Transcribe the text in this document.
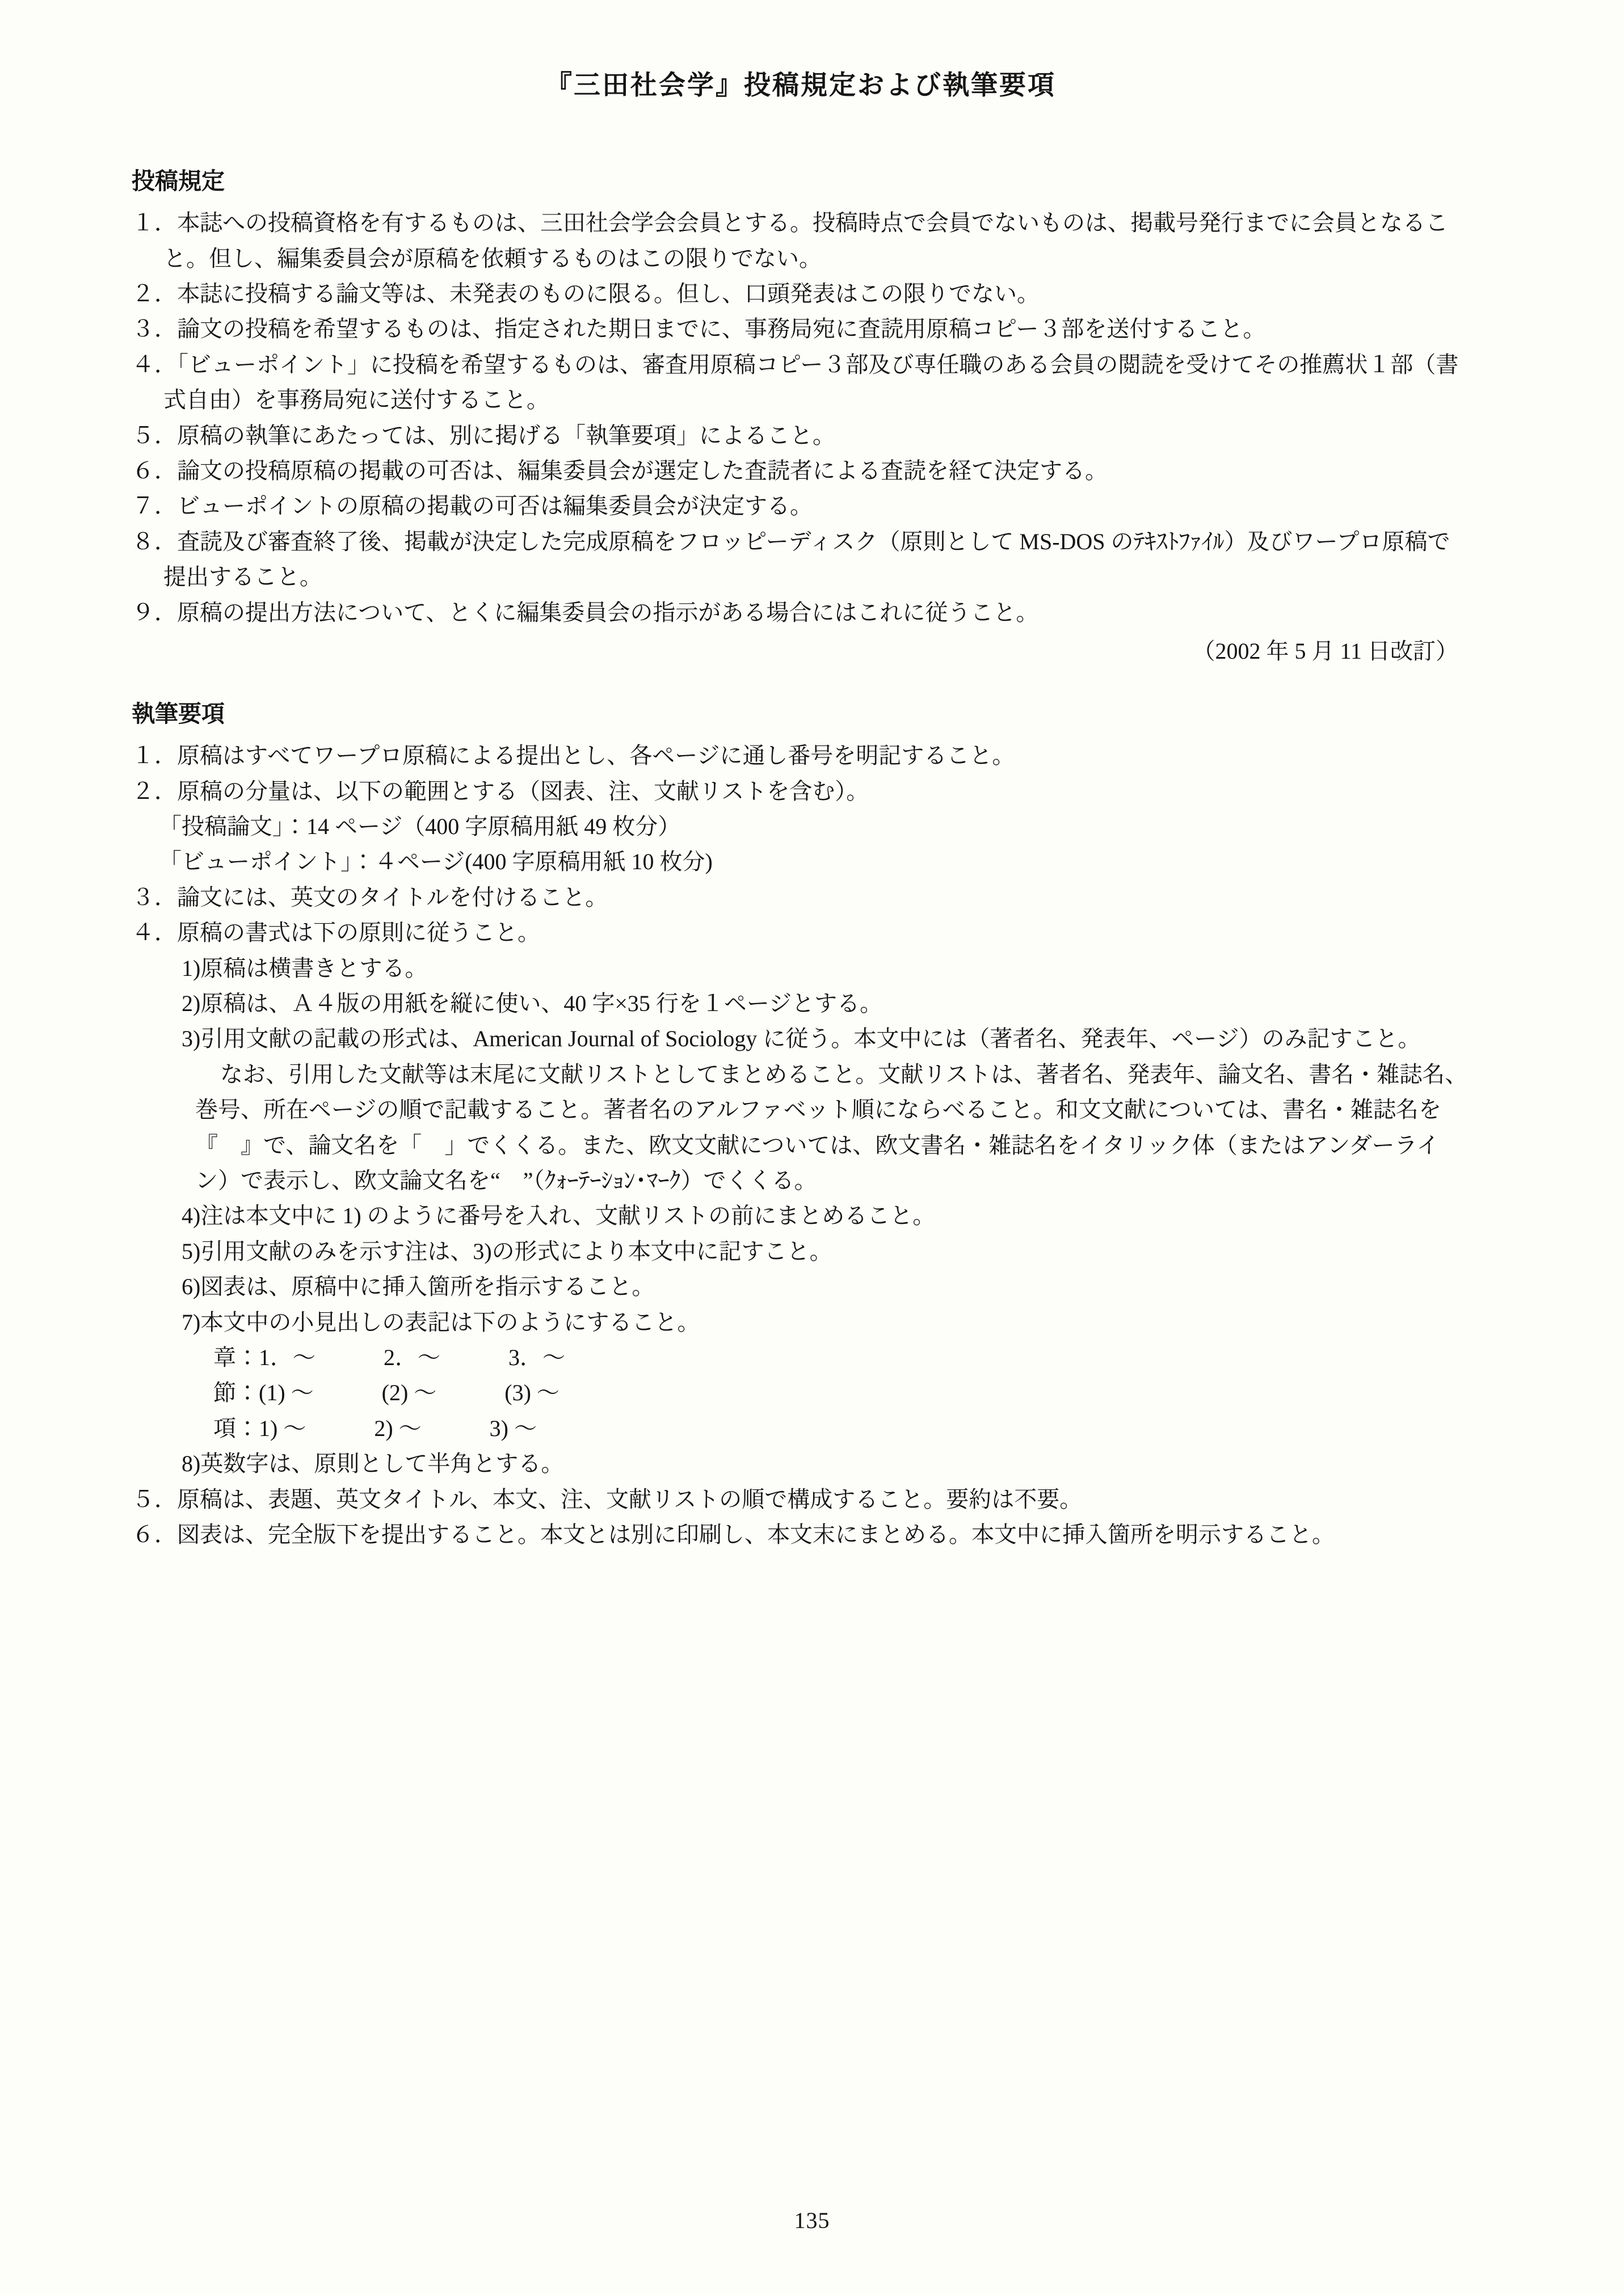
『三田社会学』投稿規定および執筆要項
投稿規定

１．本誌への投稿資格を有するものは、三田社会学会会員とする。投稿時点で会員でないものは、掲載号発行までに会員となること。但し、編集委員会が原稿を依頼するものはこの限りでない。

２．本誌に投稿する論文等は、未発表のものに限る。但し、口頭発表はこの限りでない。

３．論文の投稿を希望するものは、指定された期日までに、事務局宛に査読用原稿コピー３部を送付すること。

４．「ビューポイント」に投稿を希望するものは、審査用原稿コピー３部及び専任職のある会員の閲読を受けてその推薦状１部（書式自由）を事務局宛に送付すること。

５．原稿の執筆にあたっては、別に掲げる「執筆要項」によること。

６．論文の投稿原稿の掲載の可否は、編集委員会が選定した査読者による査読を経て決定する。

７．ビューポイントの原稿の掲載の可否は編集委員会が決定する。

８．査読及び審査終了後、掲載が決定した完成原稿をフロッピーディスク（原則として MS-DOS のﾃｷｽﾄﾌｧｲﾙ）及びワープロ原稿で提出すること。

９．原稿の提出方法について、とくに編集委員会の指示がある場合にはこれに従うこと。

（2002 年 5 月 11 日改訂）

執筆要項

１．原稿はすべてワープロ原稿による提出とし、各ページに通し番号を明記すること。

２．原稿の分量は、以下の範囲とする（図表、注、文献リストを含む）。

「投稿論文」：14 ページ（400 字原稿用紙 49 枚分）

「ビューポイント」：４ページ(400 字原稿用紙 10 枚分)

３．論文には、英文のタイトルを付けること。

４．原稿の書式は下の原則に従うこと。

1)原稿は横書きとする。

2)原稿は、Ａ４版の用紙を縦に使い、40 字×35 行を１ページとする。

3)引用文献の記載の形式は、American Journal of Sociology に従う。本文中には（著者名、発表年、ページ）のみ記すこと。

なお、引用した文献等は末尾に文献リストとしてまとめること。文献リストは、著者名、発表年、論文名、書名・雑誌名、巻号、所在ページの順で記載すること。著者名のアルファベット順にならべること。和文文献については、書名・雑誌名を『　』で、論文名を「　」でくくる。また、欧文文献については、欧文書名・雑誌名をイタリック体（またはアンダーライン）で表示し、欧文論文名を“　”（ｸｫｰﾃｰｼｮﾝ･ﾏｰｸ）でくくる。

4)注は本文中に 1) のように番号を入れ、文献リストの前にまとめること。

5)引用文献のみを示す注は、3)の形式により本文中に記すこと。

6)図表は、原稿中に挿入箇所を指示すること。

7)本文中の小見出しの表記は下のようにすること。

章：1．〜　　　2．〜　　　3．〜

節：(1) 〜　　　(2) 〜　　　(3) 〜

項：1) 〜　　　2) 〜　　　3) 〜

8)英数字は、原則として半角とする。

５．原稿は、表題、英文タイトル、本文、注、文献リストの順で構成すること。要約は不要。

６．図表は、完全版下を提出すること。本文とは別に印刷し、本文末にまとめる。本文中に挿入箇所を明示すること。

135
